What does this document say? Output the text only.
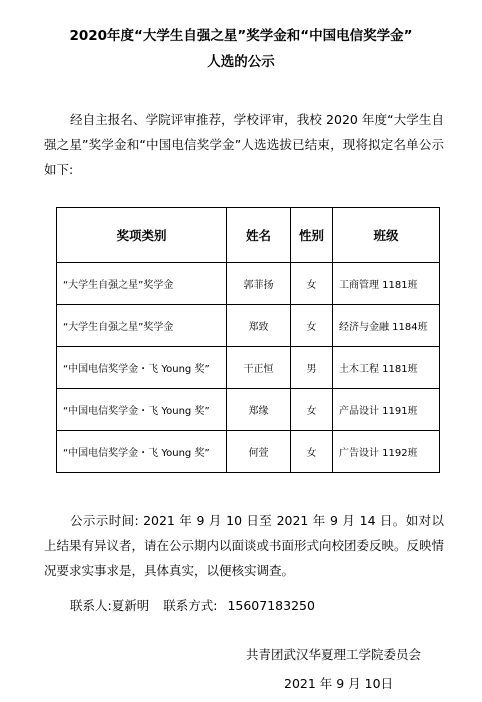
2020年度“大学生自强之星”奖学金和“中国电信奖学金”
人选的公示
经自主报名、学院评审推荐，学校评审，我校 2020 年度“大学生自强之星”奖学金和“中国电信奖学金”人选选拔已结束，现将拟定名单公示如下:
奖项类别	姓名	性别	班级
“大学生自强之星”奖学金	郭菲扬	女	工商管理 1181班
“大学生自强之星”奖学金	郑致	女	经济与金融 1184班
“中国电信奖学金・飞 Young 奖”	干正恒	男	土木工程 1181班
“中国电信奖学金・飞 Young 奖”	郑缘	女	产品设计 1191班
“中国电信奖学金・飞 Young 奖”	何萱	女	广告设计 1192班
公示示时间: 2021 年 9 月 10 日至 2021 年 9 月 14 日。如对以上结果有异议者，请在公示期内以面谈或书面形式向校团委反映。反映情况要求实事求是，具体真实，以便核实调查。
联系人:夏新明 联系方式: 15607183250
共青团武汉华夏理工学院委员会
2021 年 9 月 10日
